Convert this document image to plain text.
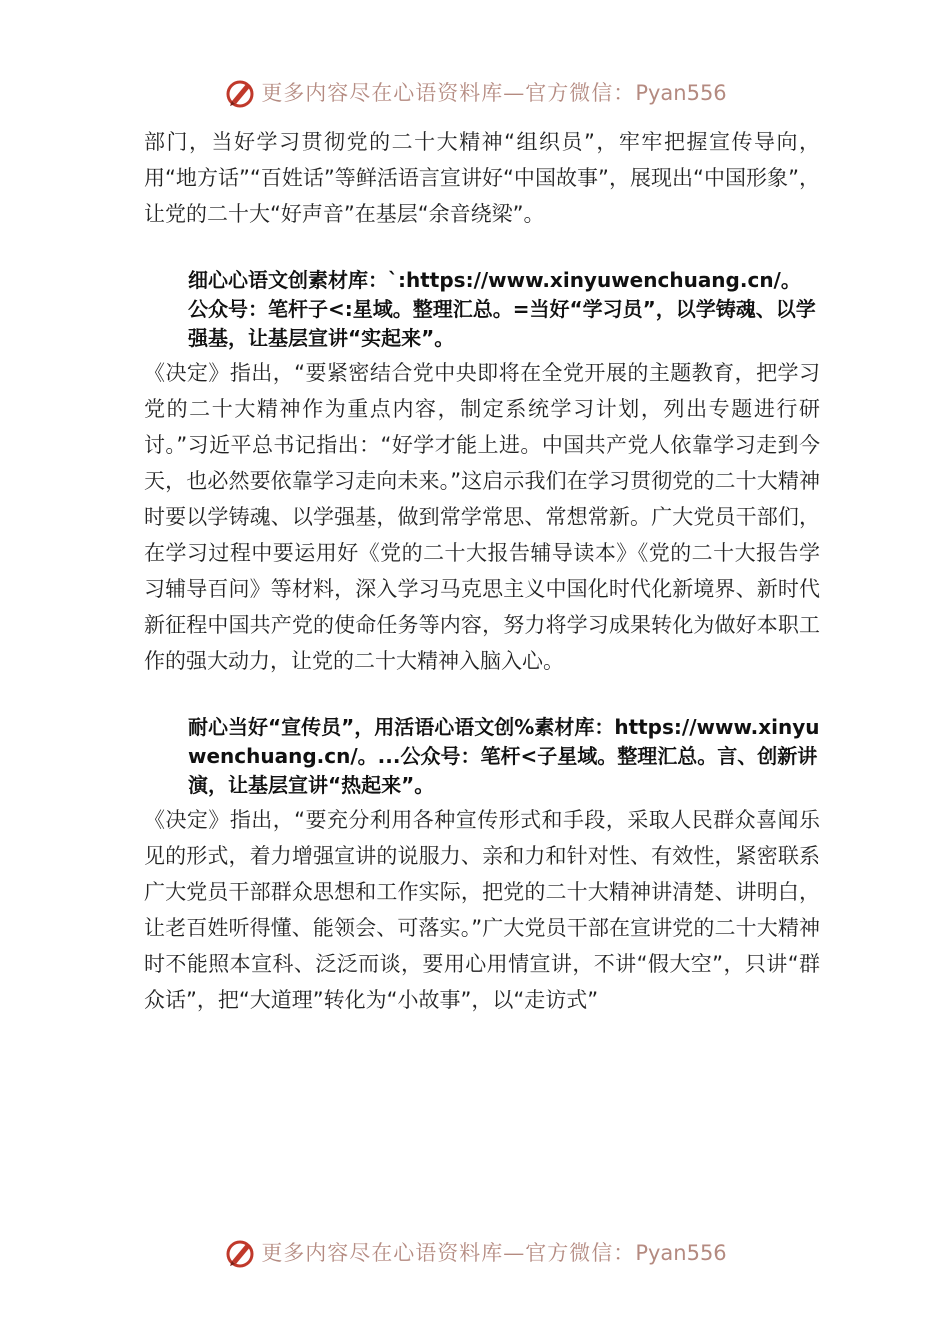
更多内容尽在心语资料库—官方微信：Pyan556

部门，当好学习贯彻党的二十大精神“组织员”，牢牢把握宣传导向，用“地方话”“百姓话”等鲜活语言宣讲好“中国故事”，展现出“中国形象”，让党的二十大“好声音”在基层“余音绕梁”。

细心心语文创素材库：`:https://www.xinyuwenchuang.cn/。公众号：笔杆子<:星域。整理汇总。=当好“学习员”，以学铸魂、以学强基，让基层宣讲“实起来”。

《决定》指出，“要紧密结合党中央即将在全党开展的主题教育，把学习党的二十大精神作为重点内容，制定系统学习计划，列出专题进行研讨。”习近平总书记指出：“好学才能上进。中国共产党人依靠学习走到今天，也必然要依靠学习走向未来。”这启示我们在学习贯彻党的二十大精神时要以学铸魂、以学强基，做到常学常思、常想常新。广大党员干部们，在学习过程中要运用好《党的二十大报告辅导读本》《党的二十大报告学习辅导百问》等材料，深入学习马克思主义中国化时代化新境界、新时代新征程中国共产党的使命任务等内容，努力将学习成果转化为做好本职工作的强大动力，让党的二十大精神入脑入心。

耐心当好“宣传员”，用活语心语文创%素材库：https://www.xinyuwenchuang.cn/。...公众号：笔杆<子星域。整理汇总。言、创新讲演，让基层宣讲“热起来”。

《决定》指出，“要充分利用各种宣传形式和手段，采取人民群众喜闻乐见的形式，着力增强宣讲的说服力、亲和力和针对性、有效性，紧密联系广大党员干部群众思想和工作实际，把党的二十大精神讲清楚、讲明白，让老百姓听得懂、能领会、可落实。”广大党员干部在宣讲党的二十大精神时不能照本宣科、泛泛而谈，要用心用情宣讲，不讲“假大空”，只讲“群众话”，把“大道理”转化为“小故事”，以“走访式”

更多内容尽在心语资料库—官方微信：Pyan556
